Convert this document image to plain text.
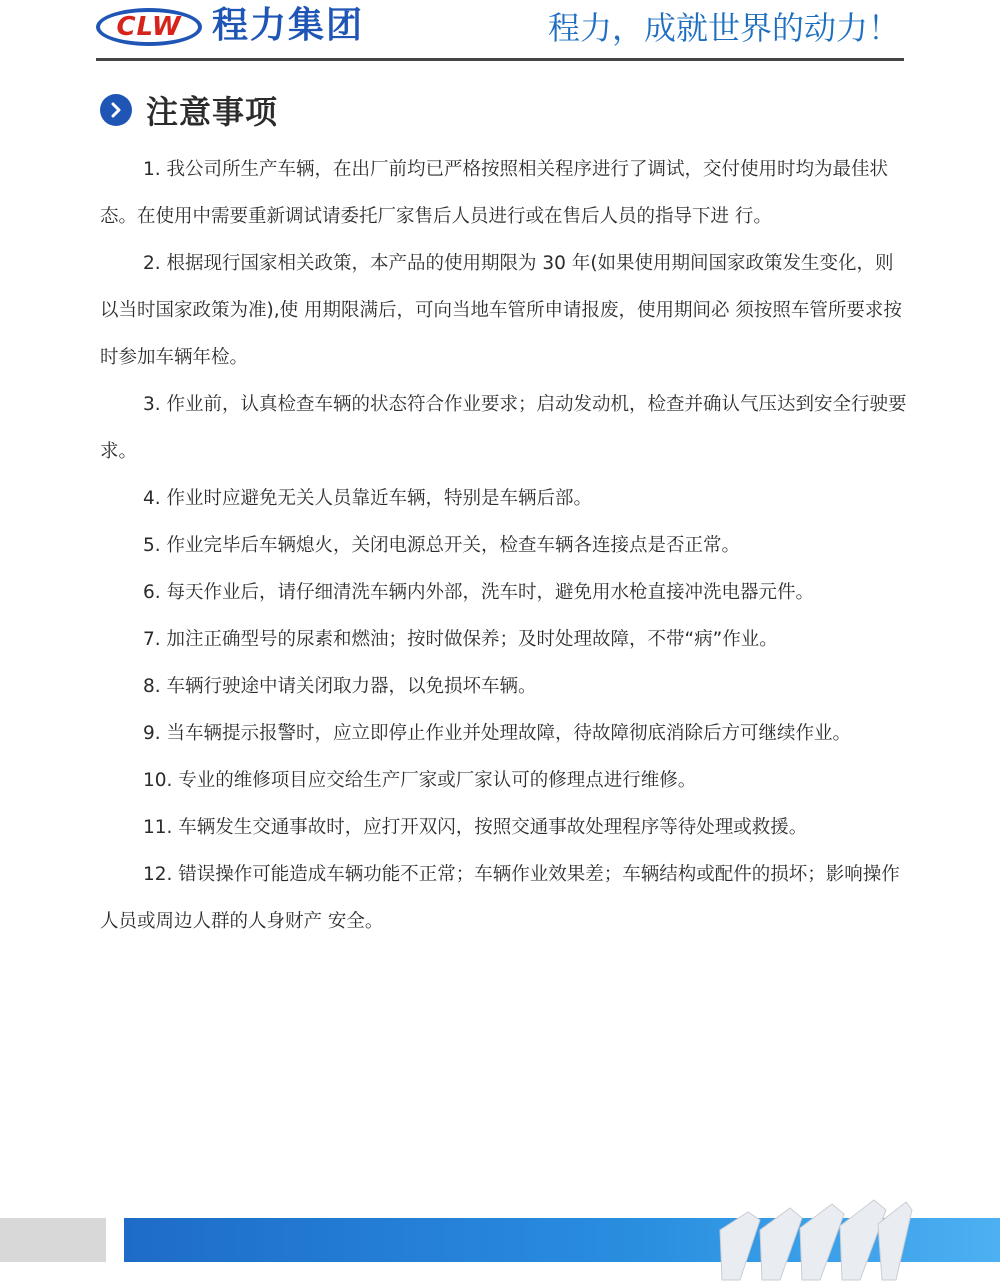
CLW 程力集团	程力，成就世界的动力！
注意事项

1. 我公司所生产车辆，在出厂前均已严格按照相关程序进行了调试，交付使用时均为最佳状态。在使用中需要重新调试请委托厂家售后人员进行或在售后人员的指导下进 行。

2. 根据现行国家相关政策，本产品的使用期限为 30 年(如果使用期间国家政策发生变化，则以当时国家政策为准),使 用期限满后，可向当地车管所申请报废，使用期间必 须按照车管所要求按时参加车辆年检。

3. 作业前，认真检查车辆的状态符合作业要求；启动发动机，检查并确认气压达到安全行驶要求。

4. 作业时应避免无关人员靠近车辆，特别是车辆后部。

5. 作业完毕后车辆熄火，关闭电源总开关，检查车辆各连接点是否正常。

6. 每天作业后，请仔细清洗车辆内外部，洗车时，避免用水枪直接冲洗电器元件。

7. 加注正确型号的尿素和燃油；按时做保养；及时处理故障，不带“病”作业。

8. 车辆行驶途中请关闭取力器，以免损坏车辆。

9. 当车辆提示报警时，应立即停止作业并处理故障，待故障彻底消除后方可继续作业。

10. 专业的维修项目应交给生产厂家或厂家认可的修理点进行维修。

11. 车辆发生交通事故时，应打开双闪，按照交通事故处理程序等待处理或救援。

12. 错误操作可能造成车辆功能不正常；车辆作业效果差；车辆结构或配件的损坏；影响操作人员或周边人群的人身财产 安全。
